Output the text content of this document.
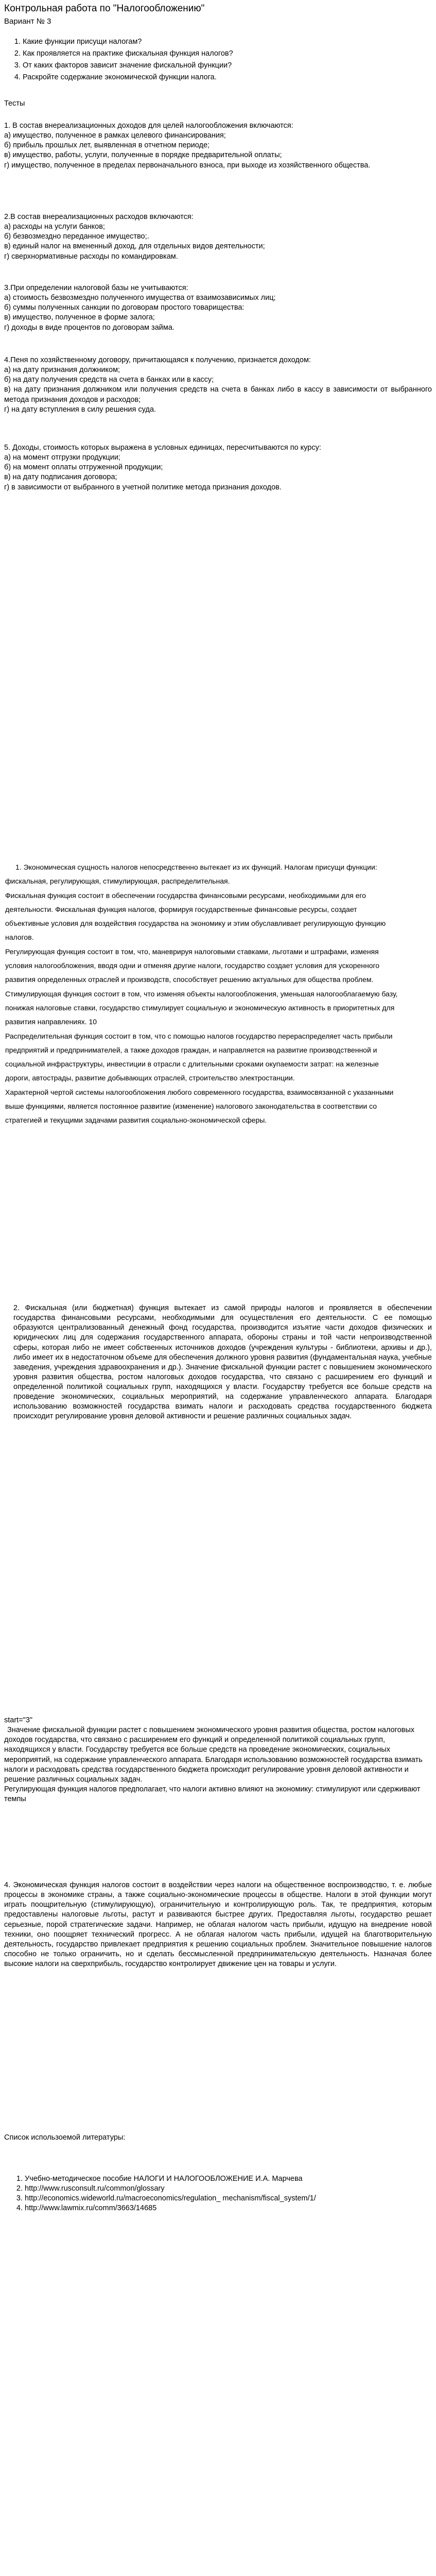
Контрольная работа по "Налогообложению"
Вариант № 3
1. Какие функции присущи налогам?
2. Как проявляется на практике фискальная функция налогов?
3. От каких факторов зависит значение фискальной функции?
4. Раскройте содержание экономической функции налога.
Тесты

1. В состав внереализационных доходов для целей налогообложения включаются:

а) имущество, полученное в рамках целевого финансирования;

б) прибыль прошлых лет, выявленная в отчетном периоде;

в) имущество, работы, услуги, полученные в порядке предварительной оплаты;

г) имущество, полученное в пределах первоначального взноса, при выходе из хозяйственного общества.

2.В состав внереализационных расходов включаются:

а) расходы на услуги банков;

б) безвозмездно переданное имущество;.

в) единый налог на вмененный доход, для отдельных видов деятельности;

г) сверхнормативные расходы по командировкам.

3.При определении налоговой базы не учитываются:

а) стоимость безвозмездно полученного имущества от взаимозависимых лиц;

б) суммы полученных санкции по договорам простого товарищества:

в) имущество, полученное в форме залога;

г) доходы в виде процентов по договорам займа.

4.Пеня по хозяйственному договору, причитающаяся к получению, признается доходом:

а) на дату признания должником;

б) на дату получения средств на счета в банках или в кассу;

в) на дату признания должником или получения средств на счета в банках либо в кассу в зависимости от выбранного метода признания доходов и расходов;

г) на дату вступления в силу решения суда.

5. Доходы, стоимость которых выражена в условных единицах, пересчитываются по курсу:

а) на момент отгрузки продукции;

б) на момент оплаты отгруженной продукции;

в) на дату подписания договора;

г) в зависимости от выбранного в учетной политике метода признания доходов.

1. Экономическая сущность налогов непосредственно вытекает из их функций. Налогам присущи функции: фискальная, регулирующая, стимулирующая, распределительная.

Фискальная функция состоит в обеспечении государства финансовыми ресурсами, необходимыми для его деятельности. Фискальная функция налогов, формируя государственные финансовые ресурсы, создает объективные условия для воздействия государства на экономику и этим обуславливает регулирующую функцию налогов.

Регулирующая функция состоит в том, что, маневрируя налоговыми ставками, льготами и штрафами, изменяя условия налогообложения, вводя одни и отменяя другие налоги, государство создает условия для ускоренного развития определенных отраслей и производств, способствует решению актуальных для общества проблем.

Стимулирующая функция состоит в том, что изменяя объекты налогообложения, уменьшая налогооблагаемую базу, понижая налоговые ставки, государство стимулирует социальную и экономическую активность в приоритетных для развития направлениях. 10

Распределительная функция состоит в том, что с помощью налогов государство перераспределяет часть прибыли предприятий и предпринимателей, а также доходов граждан, и направляется на развитие производственной и социальной инфраструктуры, инвестиции в отрасли с длительными сроками окупаемости затрат: на железные дороги, автострады, развитие добывающих отраслей, строительство электростанции.

Характерной чертой системы налогообложения любого современного государства, взаимосвязанной с указанными выше функциями, является постоянное развитие (изменение) налогового законодательства в соответствии со стратегией и текущими задачами развития социально-экономической сферы.

2. Фискальная (или бюджетная) функция вытекает из самой природы налогов и проявляется в обеспечении государства финансовыми ресурсами, необходимыми для осуществления его деятельности. С ее помощью образуются централизованный денежный фонд государства, производится изъятие части доходов физических и юридических лиц для содержания государственного аппарата, обороны страны и той части непроизводственной сферы, которая либо не имеет собственных источников доходов (учреждения культуры - библиотеки, архивы и др.), либо имеет их в недостаточном объеме для обеспечения должного уровня развития (фундаментальная наука, учебные заведения, учреждения здравоохранения и др.). Значение фискальной функции растет с повышением экономического уровня развития общества, ростом налоговых доходов государства, что связано с расширением его функций и определенной политикой социальных групп, находящихся у власти. Государству требуется все больше средств на проведение экономических, социальных мероприятий, на содержание управленческого аппарата. Благодаря использованию возможностей государства взимать налоги и расходовать средства государственного бюджета происходит регулирование уровня деловой активности и решение различных социальных задач.

start="3"

Значение фискальной функции растет с повышением экономического уровня развития общества, ростом налоговых доходов государства, что связано с расширением его функций и определенной политикой социальных групп, находящихся у власти. Государству требуется все больше средств на проведение экономических, социальных мероприятий, на содержание управленческого аппарата. Благодаря использованию возможностей государства взимать налоги и расходовать средства государственного бюджета происходит регулирование уровня деловой активности и решение различных социальных задач.

Регулирующая функция налогов предполагает, что налоги активно влияют на экономику: стимулируют или сдерживают темпы

4. Экономическая функция налогов состоит в воздействии через налоги на общественное воспроизводство, т. е. любые процессы в экономике страны, а также социально-экономические процессы в обществе. Налоги в этой функции могут играть поощрительную (стимулирующую), ограничительную и контролирующую роль. Так, те предприятия, которым предоставлены налоговые льготы, растут и развиваются быстрее других. Предоставляя льготы, государство решает серьезные, порой стратегические задачи. Например, не облагая налогом часть прибыли, идущую на внедрение новой техники, оно поощряет технический прогресс. А не облагая налогом часть прибыли, идущей на благотворительную деятельность, государство привлекает предприятия к решению социальных проблем. Значительное повышение налогов способно не только ограничить, но и сделать бессмысленной предпринимательскую деятельность. Назначая более высокие налоги на сверхприбыль, государство контролирует движение цен на товары и услуги.

Список использоемой литературы:
1. Учебно-методическое пособие НАЛОГИ И НАЛОГООБЛОЖЕНИЕ И.А. Марчева
2. http://www.rusconsult.ru/common/glossary
3. http://economics.wideworld.ru/macroeconomics/regulation_ mechanism/fiscal_system/1/
4. http://www.lawmix.ru/comm/3663/14685
